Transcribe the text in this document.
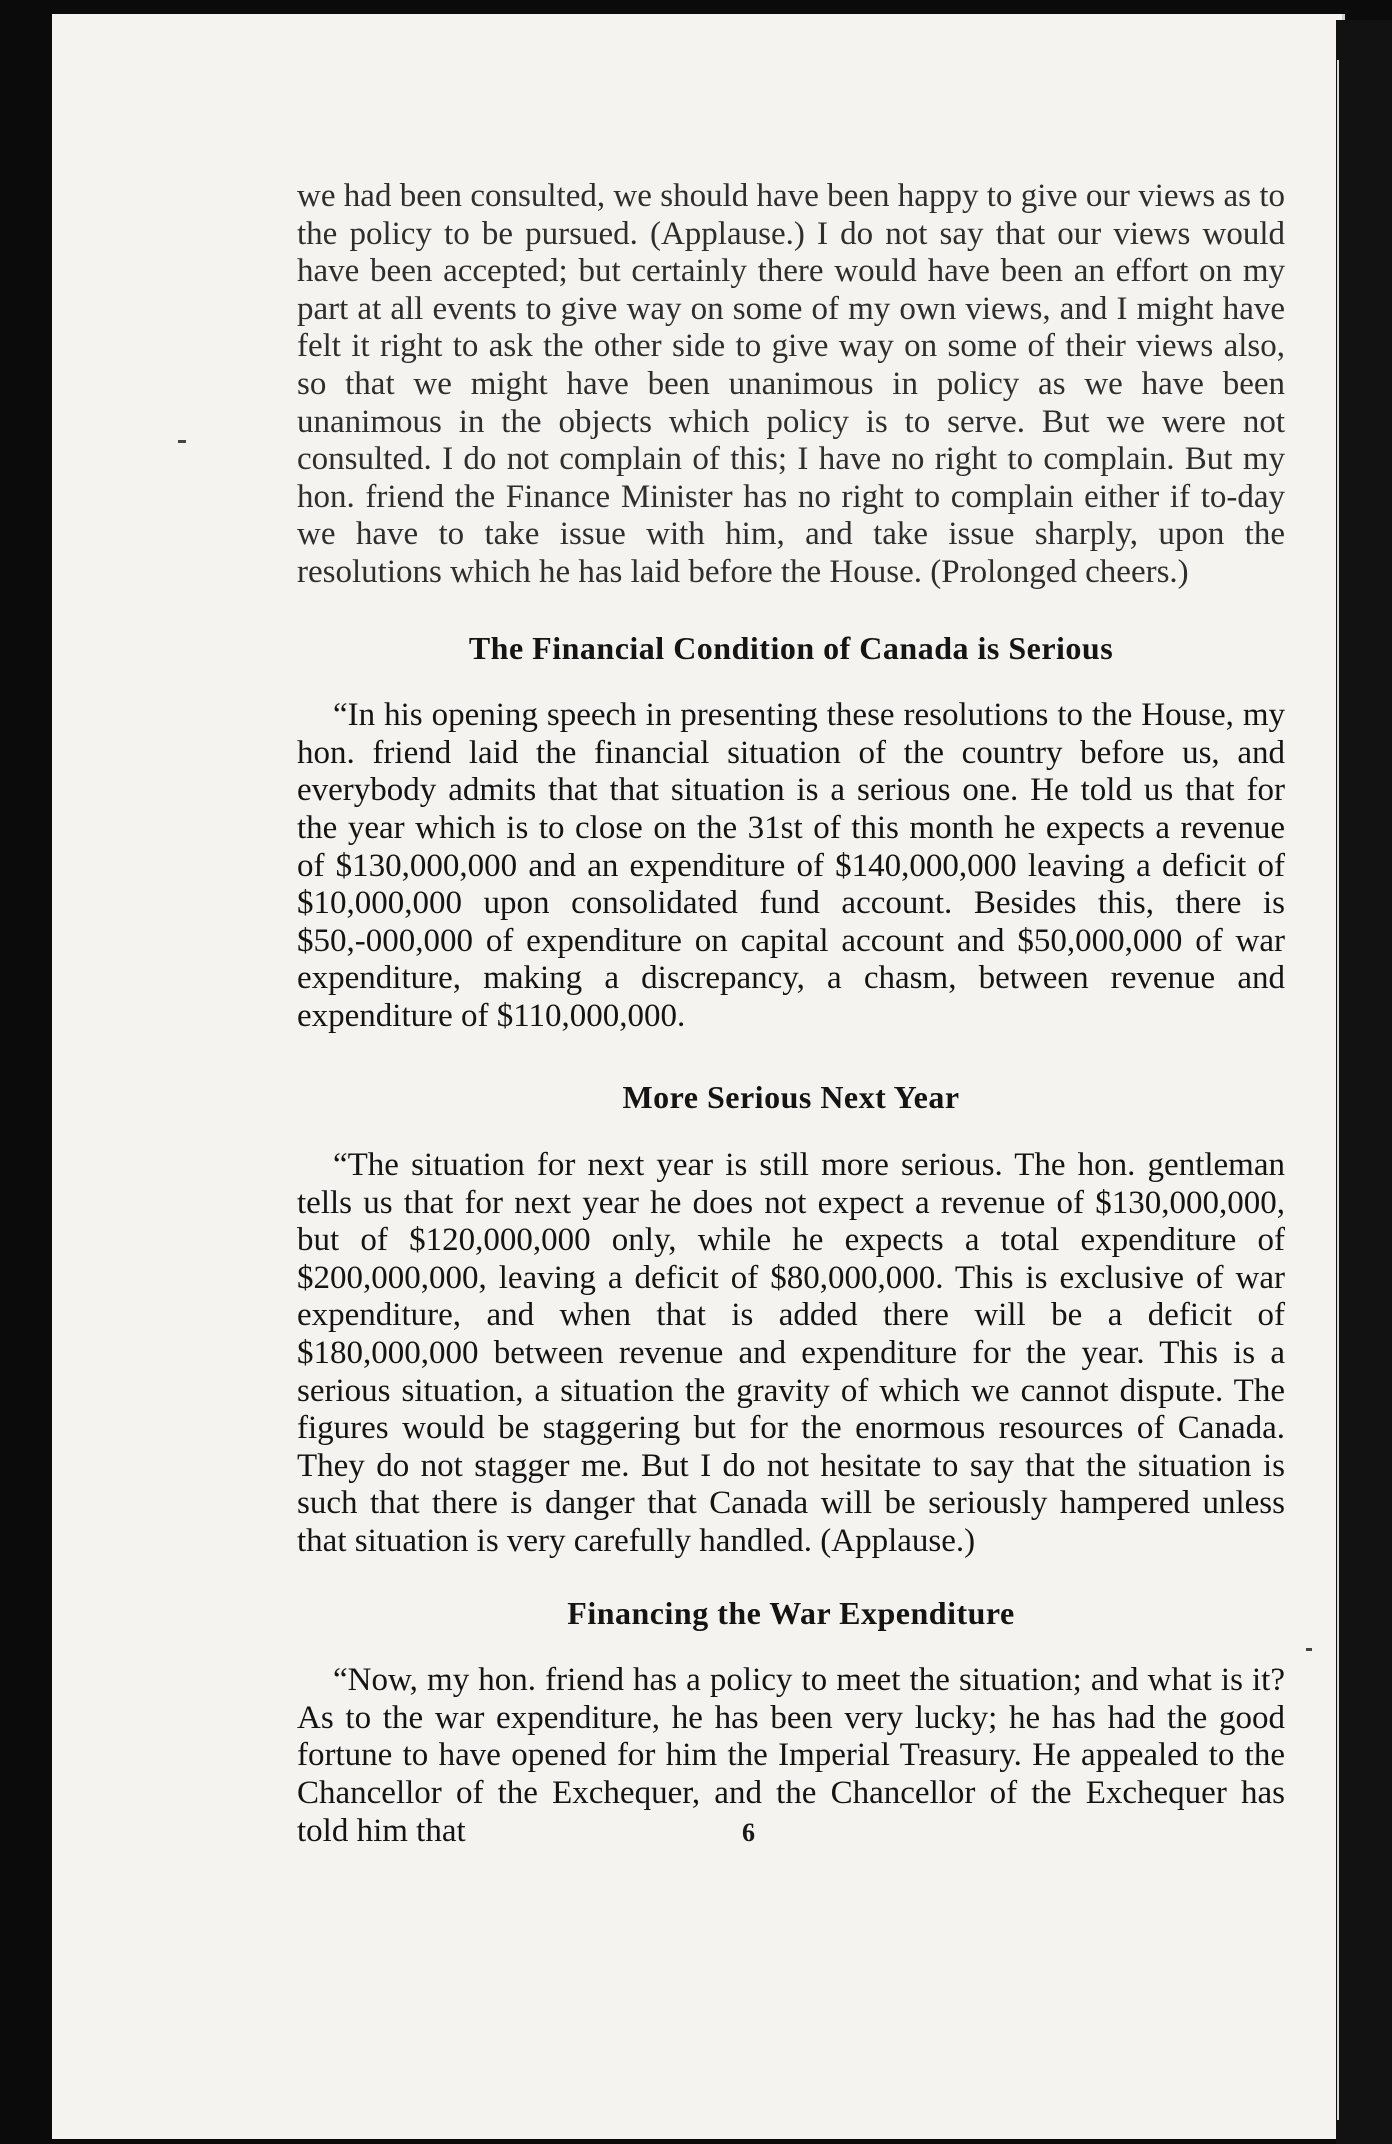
we had been consulted, we should have been happy to give our views as to the policy to be pursued. (Applause.) I do not say that our views would have been accepted; but certainly there would have been an effort on my part at all events to give way on some of my own views, and I might have felt it right to ask the other side to give way on some of their views also, so that we might have been unanimous in policy as we have been unanimous in the objects which policy is to serve. But we were not consulted. I do not complain of this; I have no right to complain. But my hon. friend the Finance Minister has no right to complain either if to-day we have to take issue with him, and take issue sharply, upon the resolutions which he has laid before the House. (Prolonged cheers.)

The Financial Condition of Canada is Serious

“In his opening speech in presenting these resolutions to the House, my hon. friend laid the financial situation of the country before us, and everybody admits that that situation is a serious one. He told us that for the year which is to close on the 31st of this month he expects a revenue of $130,000,000 and an expenditure of $140,000,000 leaving a deficit of $10,000,000 upon consolidated fund account. Besides this, there is $50,-000,000 of expenditure on capital account and $50,000,000 of war expenditure, making a discrepancy, a chasm, between revenue and expenditure of $110,000,000.

More Serious Next Year

“The situation for next year is still more serious. The hon. gentleman tells us that for next year he does not expect a revenue of $130,000,000, but of $120,000,000 only, while he expects a total expenditure of $200,000,000, leaving a deficit of $80,000,000. This is exclusive of war expenditure, and when that is added there will be a deficit of $180,000,000 between revenue and expenditure for the year. This is a serious situation, a situation the gravity of which we cannot dispute. The figures would be staggering but for the enormous resources of Canada. They do not stagger me. But I do not hesitate to say that the situation is such that there is danger that Canada will be seriously hampered unless that situation is very carefully handled. (Applause.)

Financing the War Expenditure

“Now, my hon. friend has a policy to meet the situation; and what is it? As to the war expenditure, he has been very lucky; he has had the good fortune to have opened for him the Imperial Treasury. He appealed to the Chancellor of the Exchequer, and the Chancellor of the Exchequer has told him that	6
